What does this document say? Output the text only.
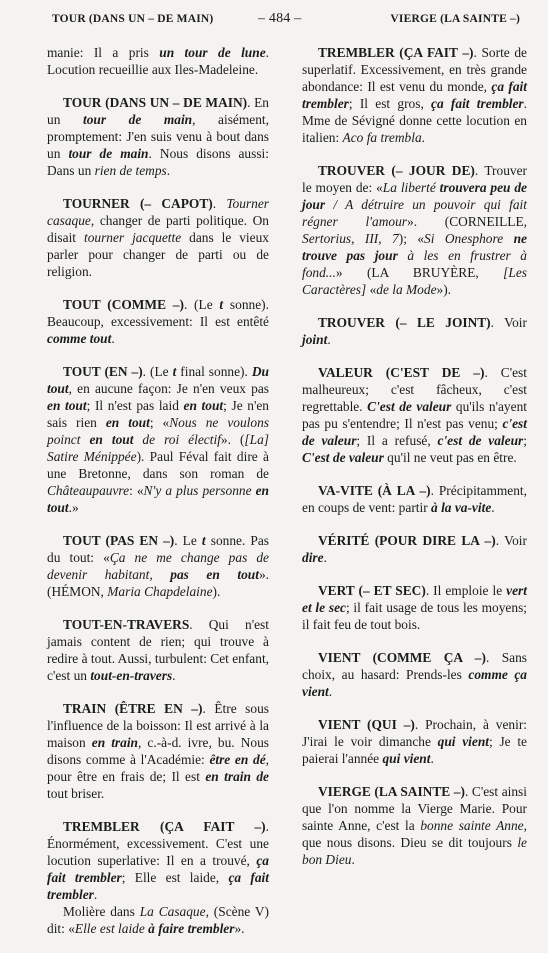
TOUR (DANS UN – DE MAIN)	– 484 –	VIERGE (LA SAINTE –)

manie: Il a pris un tour de lune. Locution recueillie aux Iles-Madeleine.

TOUR (DANS UN – DE MAIN). En un tour de main, aisément, promptement: J'en suis venu à bout dans un tour de main. Nous disons aussi: Dans un rien de temps.

TOURNER (– CAPOT). Tourner casaque, changer de parti politique. On disait tourner jacquette dans le vieux parler pour changer de parti ou de religion.

TOUT (COMME –). (Le t sonne). Beaucoup, excessivement: Il est entêté comme tout.

TOUT (EN –). (Le t final sonne). Du tout, en aucune façon: Je n'en veux pas en tout; Il n'est pas laid en tout; Je n'en sais rien en tout; «Nous ne voulons poinct en tout de roi électif». ([La] Satire Ménippée). Paul Féval fait dire à une Bretonne, dans son roman de Châteaupauvre: «N'y a plus personne en tout.»

TOUT (PAS EN –). Le t sonne. Pas du tout: «Ça ne me change pas de devenir habitant, pas en tout». (HÉMON, Maria Chapdelaine).

TOUT-EN-TRAVERS. Qui n'est jamais content de rien; qui trouve à redire à tout. Aussi, turbulent: Cet enfant, c'est un tout-en-travers.

TRAIN (ÊTRE EN –). Être sous l'influence de la boisson: Il est arrivé à la maison en train, c.-à-d. ivre, bu. Nous disons comme à l'Académie: être en dé, pour être en frais de; Il est en train de tout briser.

TREMBLER (ÇA FAIT –). Énormément, excessivement. C'est une locution superlative: Il en a trouvé, ça fait trembler; Elle est laide, ça fait trembler.

Molière dans La Casaque, (Scène V) dit: «Elle est laide à faire trembler».

TREMBLER (ÇA FAIT –). Sorte de superlatif. Excessivement, en très grande abondance: Il est venu du monde, ça fait trembler; Il est gros, ça fait trembler. Mme de Sévigné donne cette locution en italien: Aco fa trembla.

TROUVER (– JOUR DE). Trouver le moyen de: «La liberté trouvera peu de jour / A détruire un pouvoir qui fait régner l'amour». (CORNEILLE, Sertorius, III, 7); «Si Onesphore ne trouve pas jour à les en frustrer à fond...» (LA BRUYÈRE, [Les Caractères] «de la Mode»).

TROUVER (– LE JOINT). Voir joint.

VALEUR (C'EST DE –). C'est malheureux; c'est fâcheux, c'est regrettable. C'est de valeur qu'ils n'ayent pas pu s'entendre; Il n'est pas venu; c'est de valeur; Il a refusé, c'est de valeur; C'est de valeur qu'il ne veut pas en être.

VA-VITE (À LA –). Précipitamment, en coups de vent: partir à la va-vite.

VÉRITÉ (POUR DIRE LA –). Voir dire.

VERT (– ET SEC). Il emploie le vert et le sec; il fait usage de tous les moyens; il fait feu de tout bois.

VIENT (COMME ÇA –). Sans choix, au hasard: Prends-les comme ça vient.

VIENT (QUI –). Prochain, à venir: J'irai le voir dimanche qui vient; Je te paierai l'année qui vient.

VIERGE (LA SAINTE –). C'est ainsi que l'on nomme la Vierge Marie. Pour sainte Anne, c'est la bonne sainte Anne, que nous disons. Dieu se dit toujours le bon Dieu.
